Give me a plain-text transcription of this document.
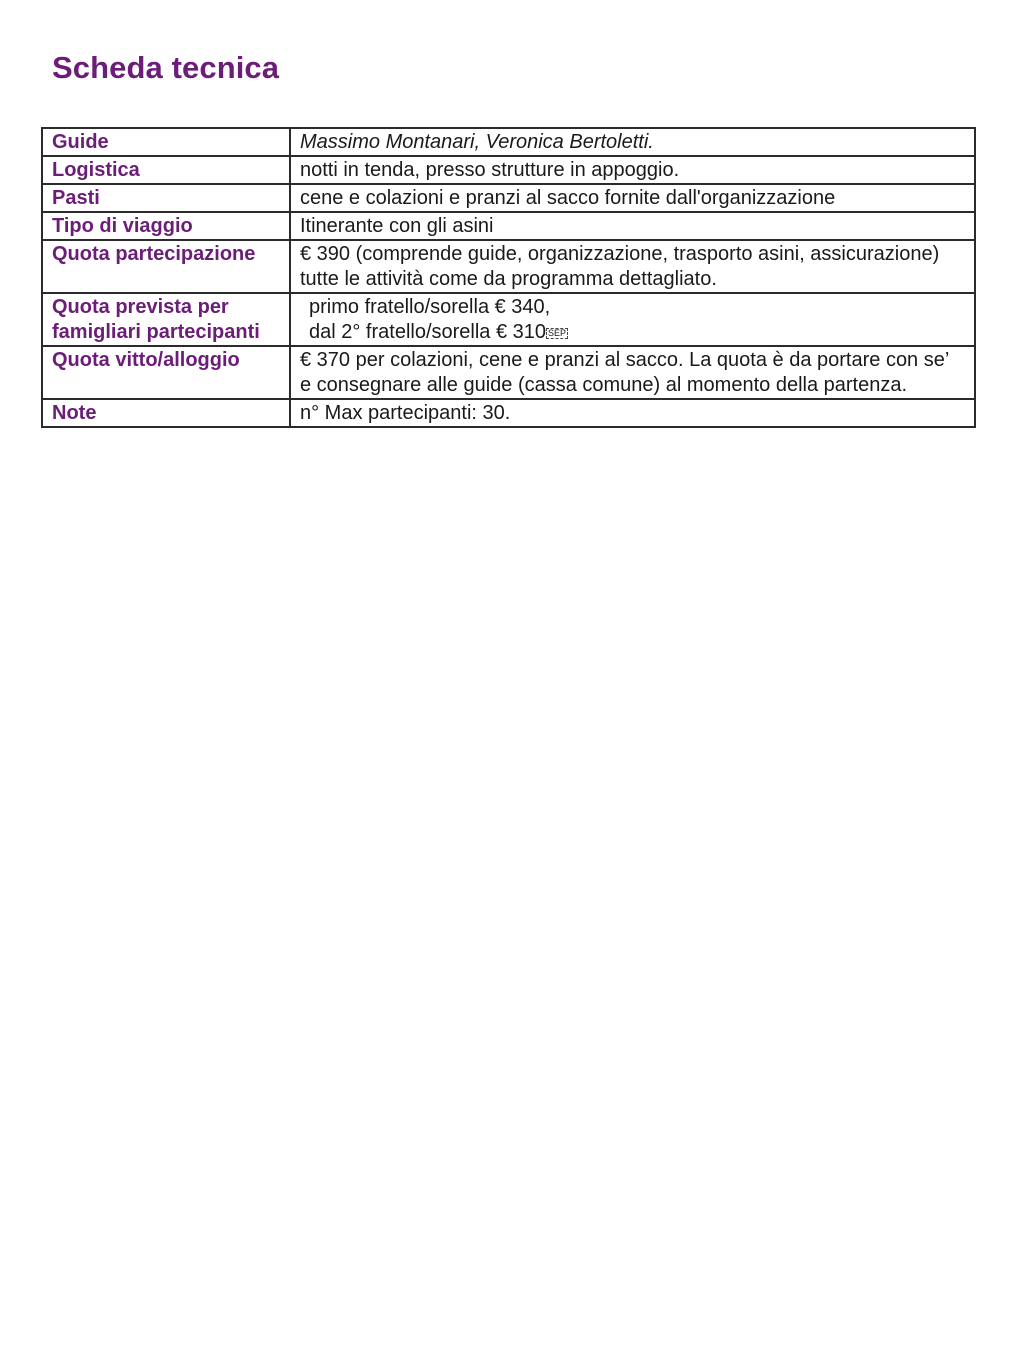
Scheda tecnica
Guide	Massimo Montanari, Veronica Bertoletti.
Logistica	notti in tenda, presso strutture in appoggio.
Pasti	cene e colazioni e pranzi al sacco fornite dall'organizzazione
Tipo di viaggio	Itinerante con gli asini
Quota partecipazione	€ 390 (comprende guide, organizzazione, trasporto asini, assicurazione) tutte le attività come da programma dettagliato.
Quota prevista per famigliari partecipanti	primo fratello/sorella € 340,
dal 2° fratello/sorella € 310 SEP

Quota vitto/alloggio	€ 370 per colazioni, cene e pranzi al sacco. La quota è da portare con se’ e consegnare alle guide (cassa comune) al momento della partenza.
Note	n° Max partecipanti: 30.
